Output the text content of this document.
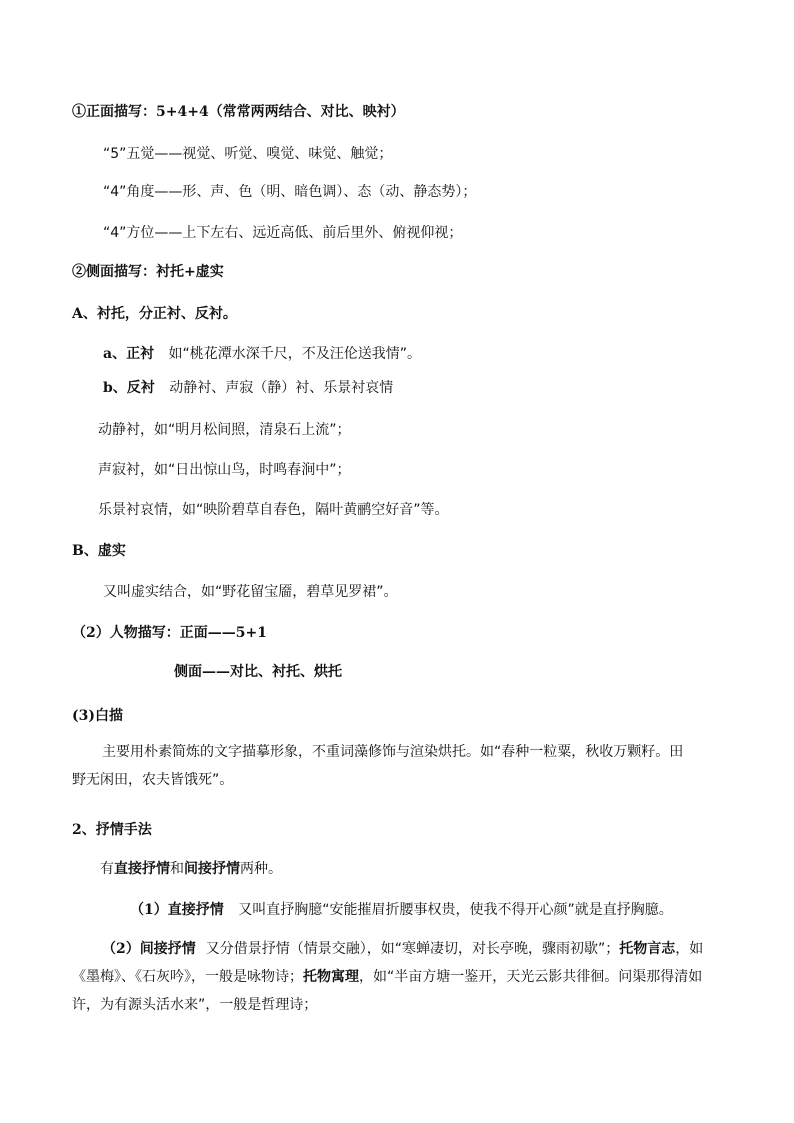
①正面描写：5+4+4（常常两两结合、对比、映衬）
“5”五觉——视觉、听觉、嗅觉、味觉、触觉；
“4”角度——形、声、色（明、暗色调）、态（动、静态势）；
“4”方位——上下左右、远近高低、前后里外、俯视仰视；
②侧面描写：衬托+虚实
A、衬托，分正衬、反衬。
a、正衬 如“桃花潭水深千尺，不及汪伦送我情”。
b、反衬 动静衬、声寂（静）衬、乐景衬哀情
动静衬，如“明月松间照，清泉石上流”；
声寂衬，如“日出惊山鸟，时鸣春涧中”；
乐景衬哀情，如“映阶碧草自春色，隔叶黄鹂空好音”等。
B、虚实
又叫虚实结合，如“野花留宝靥，碧草见罗裙”。
（2）人物描写：正面——5+1
侧面——对比、衬托、烘托
(3)白描
主要用朴素简炼的文字描摹形象，不重词藻修饰与渲染烘托。如“春种一粒粟，秋收万颗籽。田野无闲田，农夫皆饿死”。
2、抒情手法
有直接抒情和间接抒情两种。
（1）直接抒情 又叫直抒胸臆“安能摧眉折腰事权贵，使我不得开心颜”就是直抒胸臆。
（2）间接抒情 又分借景抒情（情景交融），如“寒蝉凄切，对长亭晚，骤雨初歇”；托物言志，如《墨梅》、《石灰吟》，一般是咏物诗；托物寓理，如“半亩方塘一鉴开，天光云影共徘徊。问渠那得清如许，为有源头活水来”，一般是哲理诗；
